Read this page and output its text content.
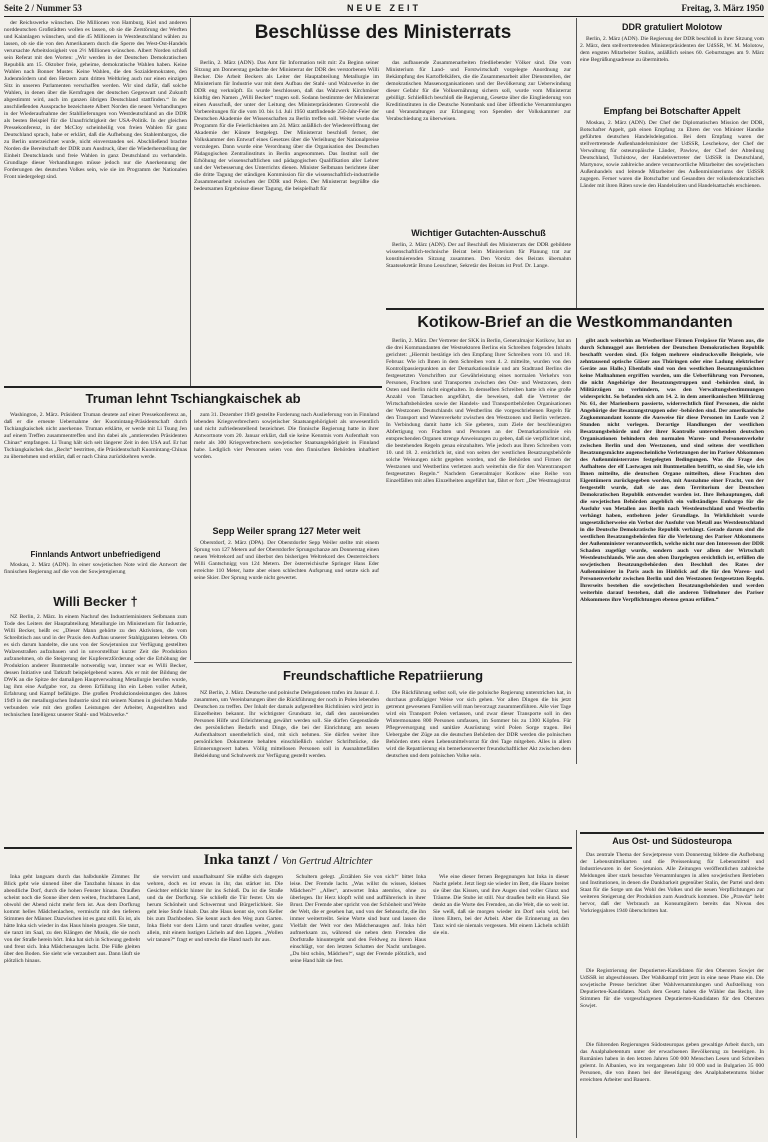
Seite 2 / Nummer 53	NEUE ZEIT	Freitag, 3. März 1950

der Reichswerke wünschen. Die Millionen von Hamburg, Kiel und anderen norddeutschen Großstädten wollen es lassen, ob sie die Zerstörung der Werften und Kaianlagen wünschen, und die 45 Millionen in Westdeutschland wählen zu lassen, ob sie die von den Amerikanern durch die Sperre des West-Ost-Handels verursachte Arbeitslosigkeit von 2½ Millionen wünschen. Albert Norden schloß sein Referat mit den Worten: „Wir werden in der Deutschen Demokratischen Republik am 15. Oktober freie, geheime, demokratische Wahlen haben. Keine Wahlen nach Bonner Muster. Keine Wahlen, die den Sozialdemokraten, den Judenmördern und den Hetzern zum dritten Weltkrieg auch nur einen einzigen Sitz in unseren Parlamenten verschaffen werden. Wir sind dafür, daß solche Wahlen, in denen über die Kernfragen der deutschen Gegenwart und Zukunft abgestimmt wird, auch im ganzen übrigen Deutschland stattfinden.“ In der anschließenden Aussprache bezeichnete Albert Norden die neuen Verhandlungen in der Wiederaufnahme der Stahllieferungen von Westdeutschland an die DDR als besten Beispiel für die Unaufrichtigkeit der USA-Politik. In der gleichen Pressekonferenz, in der McCloy scheinheilig von freien Wahlen für ganz Deutschland sprach, habe er erklärt, daß die Aufhebung des Stahlembargos, die zu Berlin unterzeichnet wurde, nicht einverstanden sei. Abschließend brachte Norden die Bereitschaft der DDR zum Ausdruck, über die Wiederherstellung der Einheit Deutschlands und freie Wahlen in ganz Deutschland zu verhandeln. Grundlage dieser Verhandlungen müsse jedoch nur die Anerkennung der Forderungen des deutschen Volkes sein, wie sie im Programm der Nationalen Front niedergelegt sind.

Beschlüsse des Ministerrats

Berlin, 2. März (ADN). Das Amt für Information teilt mit: Zu Beginn seiner Sitzung am Donnerstag gedachte der Ministerrat der DDR des verstorbenen Willi Becker. Die Arbeit Beckers als Leiter der Hauptabteilung Metallurgie im Ministerium für Industrie war mit dem Aufbau der Stahl- und Walzwerke in der DDR eng verknüpft. Es wurde beschlossen, daß das Walzwerk Kirchmöser künftig den Namen „Willi Becker“ tragen soll. Sodann bestimmte der Ministerrat einen Ausschuß, der unter der Leitung des Ministerpräsidenten Grotewohl die Vorbereitungen für die vom 10. bis 14. Juli 1950 stattfindende 250-Jahr-Feier der Deutschen Akademie der Wissenschaften zu Berlin treffen soll. Weiter wurde das Programm für die Feierlichkeiten am 24. März anläßlich der Wiedereröffnung der Akademie der Künste festgelegt. Der Ministerrat beschloß ferner, der Volkskammer den Entwurf eines Gesetzes über die Verleihung der Nationalpreise vorzulegen. Dann wurde eine Verordnung über die Organisation des Deutschen Pädagogischen Zentralinstituts in Berlin angenommen. Das Institut soll der Erhöhung der wissenschaftlichen und pädagogischen Qualifikation aller Lehrer und der Verbesserung des Unterrichts dienen. Minister Selbmann berichtete über die dritte Tagung der ständigen Kommission für die wissenschaftlich-industrielle Zusammenarbeit zwischen der DDR und Polen. Der Ministerrat begrüßte die bedeutsamen Ergebnisse dieser Tagung, die beispielhaft für

das aufbauende Zusammenarbeiten friedliebender Völker sind. Die vom Ministerium für Land- und Forstwirtschaft vorgelegte Anordnung zur Bekämpfung des Kartoffelkäfers, die die Zusammenarbeit aller Dienststellen, der demokratischen Massenorganisationen und der Bevölkerung zur Ueberwindung dieser Gefahr für die Volksernährung sichern soll, wurde vom Ministerrat gebilligt. Schließlich beschloß die Regierung, Gesetze über die Eingliederung von Kreditinstituten in die Deutsche Notenbank und über öffentliche Versammlungen und Veranstaltungen zur Erlangung von Spenden der Volkskammer zur Verabschiedung zu überweisen.

Wichtiger Gutachten-Ausschuß

Berlin, 2. März (ADN). Der auf Beschluß des Ministerrats der DDR gebildete wissenschaftlich-technische Beirat beim Ministerium für Planung trat zur konstituierenden Sitzung zusammen. Den Vorsitz des Beirats übernahm Staatssekretär Bruno Leuschner, Sekretär des Beirats ist Prof. Dr. Lange.

DDR gratuliert Molotow

Berlin, 2. März (ADN). Die Regierung der DDR beschloß in ihrer Sitzung vom 2. März, dem stellvertretenden Ministerpräsidenten der UdSSR, W. M. Molotow, dem engsten Mitarbeiter Stalins, anläßlich seines 60. Geburtstages am 9. März eine Begrüßungsadresse zu übermitteln.

Empfang bei Botschafter Appelt

Moskau, 2. März (ADN). Der Chef der Diplomatischen Mission der DDR, Botschafter Appelt, gab einen Empfang zu Ehren der von Minister Handke geführten deutschen Handelsdelegation. Bei dem Empfang waren der stellvertretende Außenhandelsminister der UdSSR, Leschekow, der Chef der Verwaltung für osteuropäische Länder, Pawlow, der Chef der Abteilung Deutschland, Tschistow, der Handelsvertreter der UdSSR in Deutschland, Martynow, sowie zahlreiche andere verantwortliche Mitarbeiter des sowjetischen Außenhandels und leitende Mitarbeiter des Außenministeriums der UdSSR zugegen. Ferner waren die Botschafter und Gesandten der volksdemokratischen Länder mit ihren Räten sowie den Handelsräten und Handelsattachés erschienen.

Kotikow-Brief an die Westkommandanten

Berlin, 2. März. Der Vertreter der SKK in Berlin, Generalmajor Kotikow, hat an die drei Kommandanten der Westsektoren Berlins ein Schreiben folgenden Inhalts gerichtet: „Hiermit bestätige ich den Empfang Ihrer Schreiben vom 10. und 18. Februar. Wie ich Ihnen in dem Schreiben vom 4. 2. mitteilte, wurden von den Kontrollpassierpunkten an der Demarkationslinie und am Stadtrand Berlins die festgesetzten Vorschriften zur Gewährleistung eines normalen Verkehrs von Personen, Frachten und Transporten zwischen den Ost- und Westzonen, dem Osten und Berlin nicht eingehalten. In demselben Schreiben hatte ich eine große Anzahl von Tatsachen angeführt, die beweisen, daß die Vertreter der Wirtschaftsbehörden sowie der Handels- und Transportbehörden Organisationen der Westzonen Deutschlands und Westberlins die vorgeschriebenen Regeln für den Transport und Warenverkehr zwischen den Westzonen und Berlin verletzen. In Verbindung damit hatte ich Sie gebeten, zum Ziele der beschleunigten Abfertigung von Frachten und Personen an der Demarkationslinie ein entsprechenden Organen strenge Anweisungen zu geben, daß sie verpflichtet sind, die bestehenden Regeln genau einzuhalten. Wie jedoch aus Ihren Schreiben vom 10. und 18. 2. ersichtlich ist, sind von seiten der westlichen Besatzungsbehörde solche Weisungen nicht gegeben worden, und die Behörden und Firmen der Westzonen und Westberlins verletzen auch weiterhin die für den Warentransport festgesetzten Regeln.“ Nachdem Generalmajor Kotikow eine Reihe von Einzelfällen mit allen Einzelheiten angeführt hat, fährt er fort: „Der Westmagistrat

gibt auch weiterhin an Westberliner Firmen Freipässe für Waren aus, die durch Schmuggel aus Betrieben der Deutschen Demokratischen Republik beschafft worden sind. (Es folgen mehrere eindrucksvolle Beispiele, wie zehntausend optische Gläser aus Thüringen oder eine Ladung elektrischer Geräte aus Halle.) Ebenfalls sind von den westlichen Besatzungsmächten keine Maßnahmen ergriffen worden, um die Ueberführung von Personen, die nicht Angehörige der Besatzungstruppen und -behörden sind, in Militärzügen zu verhindern, was den Verwaltungsbestimmungen widerspricht. So befanden sich am 14. 2. in dem amerikanischen Militärzug Nr. 61, der Marienborn passierte, widerrechtlich fünf Personen, die nicht Angehörige der Besatzungstruppen oder -behörden sind. Der amerikanische Zugkommandant konnte die Ausweise für diese Personen im Laufe von 2 Stunden nicht vorlegen. Derartige Handlungen der westlichen Besatzungsbehörde und der ihrer Kontrolle unterstehenden deutschen Organisationen behindern den normalen Waren- und Personenverkehr zwischen Berlin und den Westzonen, und sind seitens der westlichen Besatzungsmächte augenscheinliche Verletzungen der im Pariser Abkommen des Außenministerrates festgelegten Bedingungen. Was die Frage des Aufhaltens der elf Lastwagen mit Buntmetallen betrifft, so sind Sie, wie ich Ihnen mitteilte, die deutschen Organe mitteilten, diese Frachten den Eigentümern zurückgegeben worden, mit Ausnahme einer Fracht, von der festgestellt wurde, daß sie aus dem Territorium der Deutschen Demokratischen Republik entwendet worden ist. Ihre Behauptungen, daß die sowjetischen Behörden angeblich ein vollständiges Embargo für die Ausfuhr von Metallen aus Berlin nach Westdeutschland und Westberlin verhängt haben, entbehren jeder Grundlage. In Wirklichkeit wurde ungesetzlicherweise ein Verbot der Ausfuhr von Metall aus Westdeutschland in die Deutsche Demokratische Republik verhängt. Gerade darum sind die westlichen Besatzungsbehörden für die Verletzung des Pariser Abkommens der Außenminister verantwortlich, welche nicht nur den Interessen der DDR Schaden zugefügt wurde, sondern auch vor allem der Wirtschaft Westdeutschlands. Wie aus den oben Dargelegten ersichtlich ist, erfüllen die sowjetischen Besatzungsbehörden den Beschluß des Rates der Außenminister in Paris auch im Hinblick auf die für den Waren- und Personenverkehr zwischen Berlin und den Westzonen festgesetzten Regeln. Ihrerseits bestehen die sowjetischen Besatzungsbehörden und werden weiterhin darauf bestehen, daß die anderen Teilnehmer des Pariser Abkommens ihre Verpflichtungen ebenso genau erfüllen.“

Truman lehnt Tschiangkaischek ab

Washington, 2. März. Präsident Truman deutete auf einer Pressekonferenz an, daß er die erneute Uebernahme der Kuomintang-Präsidentschaft durch Tschiangkaischek nicht anerkenne. Truman erklärte, er werde mit Li Tsung Jen auf einem Treffen zusammentreffen und ihn dabei als „amtierenden Präsidenten Chinas“ empfangen. Li Tsung hält sich seit längerer Zeit in den USA auf. Er hat Tschiangkaischek das „Recht“ bestritten, die Präsidentschaft Kuomintang-Chinas zu übernehmen und erklärt, daß er nach China zurückkehren werde.

Finnlands Antwort unbefriedigend

Moskau, 2. März (ADN). In einer sowjetischen Note wird die Antwort der finnischen Regierung auf die von der Sowjetregierung

zum 31. Dezember 1949 gestellte Forderung nach Auslieferung von in Finnland lebenden Kriegsverbrechern sowjetischer Staatsangehörigkeit als unwesentlich und nicht zufriedenstellend bezeichnet. Die finnische Regierung hatte in ihrer Antwortnote vom 20. Januar erklärt, daß sie keine Kenntnis vom Aufenthalt von mehr als 300 Kriegsverbrechern sowjetischer Staatsangehörigkeit in Finnland habe. Lediglich vier Personen seien von den finnischen Behörden inhaftiert worden.

Sepp Weiler sprang 127 Meter weit

Oberstdorf, 2. März (DPA). Der Oberstdorfer Sepp Weiler stellte mit einem Sprung von 127 Metern auf der Oberstdorfer Sprungschanze am Donnerstag einen neuen Weltrekord auf und überbot den bisherigen Weltrekord des Oesterreichers Willi Gantschnigg von 124 Metern. Der österreichische Springer Hans Eder erreichte 110 Meter, hatte aber einen schlechten Aufsprung und setzte sich auf seine Skier. Der Sprung wurde nicht gewertet.

Willi Becker †

NZ Berlin, 2. März. In einem Nachruf des Industrieministers Selbmann zum Tode des Leiters der Hauptabteilung Metallurgie im Ministerium für Industrie, Willi Becker, heißt es: „Dieser Mann gehörte zu den Aktivisten, die vom Schreibtisch aus und in der Praxis den Aufbau unserer Stahlgiganten leiteten. Ob es sich darum handelte, die uns von der Sowjetunion zur Verfügung gestellten Walzenstraßen aufzubauen und in unvorstellbar kurzer Zeit die Produktion aufzunehmen, ob die Steigerung der Kupfererzförderung oder die Erhöhung der Produktion anderer Buntmetalle notwendig war, immer war es Willi Becker, dessen Initiative und Tatkraft beispielgebend waren. Als er mit der Bildung der DWK an die Spitze der damaligen Hauptverwaltung Metallurgie berufen wurde, lag ihm eine Aufgabe vor, zu deren Erfüllung ihn ein Leben voller Arbeit, Erfahrung und Kampf befähigte. Die großen Produktionsleistungen des Jahres 1949 in der metallurgischen Industrie sind mit seinem Namen in gleichem Maße verbunden wie mit den großen Leistungen der Arbeiter, Angestellten und technischen Intelligenz unserer Stahl- und Walzwerke.“

Freundschaftliche Repatriierung

NZ Berlin, 2. März. Deutsche und polnische Delegationen trafen im Januar d. J. zusammen, um Vereinbarungen über die Rückführung der noch in Polen lebenden Deutschen zu treffen. Der Inhalt der damals aufgestellten Richtlinien wird jetzt in Einzelheiten bekannt. Ihr wichtigster Grundsatz ist, daß den ausreisenden Personen Hilfe und Erleichterung gewährt werden soll. Sie dürfen Gegenstände des persönlichen Bedarfs und Dinge, die bei der Einrichtung am neuen Aufenthaltsort unentbehrlich sind, mit sich nehmen. Sie dürfen weiter ihre persönlichen Dokumente behalten einschließlich solcher Schriftstücke, die Erinnerungswert haben. Völlig mittellosen Personen soll in Ausnahmefällen Bekleidung und Schuhwerk zur Verfügung gestellt werden.

Die Rückführung selbst soll, wie die polnische Regierung unterstrichen hat, in durchaus großzügiger Weise vor sich gehen. Vor allen Dingen die bis jetzt getrennt gewesenen Familien will man bevorzugt zusammenführen. Alle vier Tage wird ein Transport Polen verlassen, und zwar dieser Transporte soll in den Wintermonaten 800 Personen umfassen, im Sommer bis zu 1300 Köpfen. Für Pflegeversorgung und sanitäre Ausrüstung wird Polen Sorge tragen. Bei Uebergabe der Züge an die deutschen Behörden der DDR werden die polnischen Behörden stets einen Lebensmittelvorrat für drei Tage mitgeben. Alles in allem wird die Repatriierung ein bemerkenswerter freundschaftlicher Akt zwischen dem deutschen und dem polnischen Volke sein.

Inka tanzt / Von Gertrud Altrichter

Inka geht langsam durch das halbdunkle Zimmer. Ihr Blick geht wie sinnend über die Tanzbahn hinaus in das abendliche Dorf, durch die hohen Fenster hinaus. Draußen scheint noch die Sonne über dem weiten, fruchtbaren Land, obwohl der Abend nicht mehr fern ist. Aus dem Dorfkrug kommt helles Mädchenlachen, vermischt mit den tieferen Stimmen der Männer. Dazwischen ist es ganz still. Es ist, als hätte Inka sich wieder in das Haus hinein gezogen. Sie tanzt, sie tanzt im Saal, zu den Klängen der Musik, die sie noch von der Straße herein hört. Inka hat sich in Schwung gedreht und freut sich. Inka Mädchenaugen lacht. Die Füße gleiten über den Boden. Sie sieht wie verzaubert aus. Dann läuft sie plötzlich hinaus.

sie verwirrt und unaufhaltsam! Sie müßte sich dagegen wehren, doch es ist etwas in ihr, das stärker ist. Die Gesichter erblickt hinter ihr ins Schloß. Da ist die Straße und da der Dorfkrug. Sie schließt die Tür fester. Um sie herum Schönheit und Schwermut und Bürgerlichkeit. Sie geht leise Stufe hinab. Das alte Haus kennt sie, vom Keller bis zum Dachboden. Sie kennt auch den Weg zum Garten. Inka flieht vor dem Lärm und tanzt draußen weiter, ganz allein, mit einem lustigen Lächeln auf den Lippen. „Wollen wir tanzen?“ fragt er und streckt die Hand nach ihr aus.

Schultern gelegt. „Erzählen Sie von sich!“ bittet Inka leise. Der Fremde lacht. „Was willst du wissen, kleines Mädchen?“ „Alles“, antwortet Inka atemlos, ohne zu überlegen. Ihr Herz klopft wild und aufführerisch in ihrer Brust. Der Fremde aber spricht von der Schönheit und Weite der Welt, die er gesehen hat, und von der Sehnsucht, die ihn immer weitertreibt. Seine Worte sind bunt und lassen die Vielfalt der Welt vor den Mädchenaugen auf. Inka hört aufmerksam zu, während sie neben dem Fremden die Dorfstraße hinuntergeht und den Feldweg zu ihrem Haus einschlägt, vor den letzten Schatten der Nacht umfangen. „Du bist schön, Mädchen!“, sagt der Fremde plötzlich, und seine Hand hält sie fest.

Wie eine dieser fernen Begegnungen hat Inka in dieser Nacht gelebt. Jetzt liegt sie wieder im Bett, die Haare breitet sie über das Kissen, und ihre Augen sind voller Glanz und Träume. Die Stube ist still. Nur draußen bellt ein Hund. Sie denkt an die Worte des Fremden, an die Welt, die so weit ist. Sie weiß, daß sie morgen wieder im Dorf sein wird, bei ihren Eltern, bei der Arbeit. Aber die Erinnerung an den Tanz wird sie niemals vergessen. Mit einem Lächeln schläft sie ein.

Aus Ost- und Südosteuropa

Das zentrale Thema der Sowjetpresse vom Donnerstag bildete die Aufhebung der Lebensmittelkarten und die Preissenkung für Lebensmittel und Industriewaren in der Sowjetunion. Alle Zeitungen veröffentlichen zahlreiche Meldungen über stark besuchte Versammlungen in allen sowjetischen Betrieben und Institutionen, in denen die Dankbarkeit gegenüber Stalin, der Partei und dem Staat für die Sorge um das Wohl des Volkes und die neuen Verpflichtungen zur weiteren Steigerung der Produktion zum Ausdruck kommen. Die „Prawda“ hebt hervor, daß der Verbrauch an Konsumgütern bereits das Niveau des Vorkriegsjahres 1940 überschritten hat.

Die Registrierung der Deputierten-Kandidaten für den Obersten Sowjet der UdSSR ist abgeschlossen. Der Wahlkampf tritt jetzt in eine neue Phase ein. Die sowjetische Presse berichtet über Wahlversammlungen und Aufstellung von Deputierten-Kandidaten. Nach dem Gesetz haben die Wähler das Recht, ihre Stimmen für die vorgeschlagenen Deputierten-Kandidaten für den Obersten Sowjet.

Die führenden Regierungen Südosteuropas geben gewaltige Arbeit durch, um das Analphabetentum unter der erwachsenen Bevölkerung zu beseitigen. In Rumänien haben in den letzten Jahren 500 000 Menschen Lesen und Schreiben gelernt. In Albanien, wo im vergangenen Jahr 10 000 und in Bulgarien 35 000 Personen, die von ihnen bei der Beseitigung des Analphabetentums bisher erreichten Arbeiter und Bauern.
